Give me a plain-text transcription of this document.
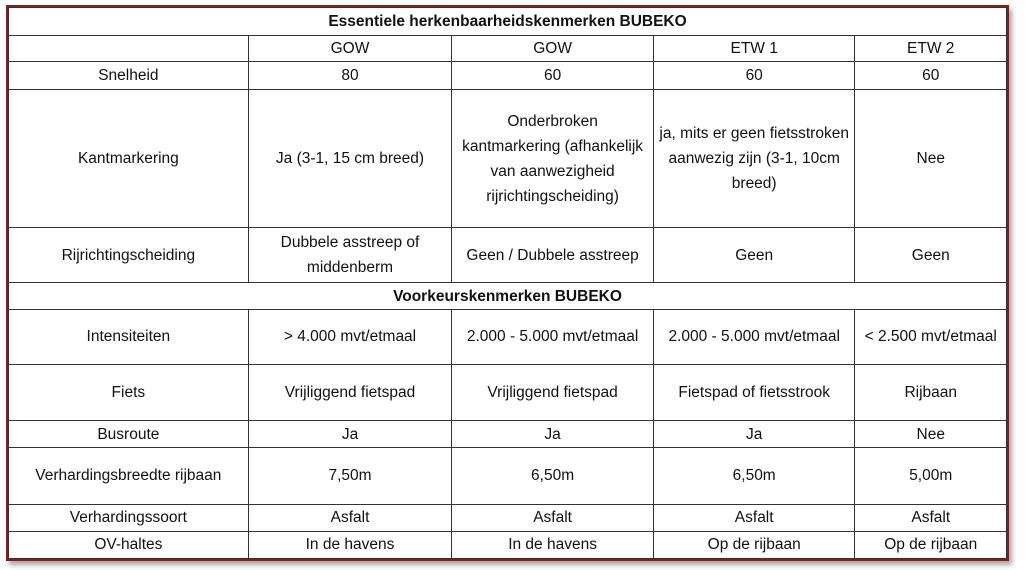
Essentiele herkenbaarheidskenmerken BUBEKO				
	GOW	GOW	ETW 1	ETW 2
Snelheid	80	60	60	60
Kantmarkering	Ja (3-1, 15 cm breed)	Onderbroken kantmarkering (afhankelijk van aanwezigheid rijrichtingscheiding)	ja, mits er geen fietsstroken aanwezig zijn (3-1, 10cm breed)	Nee
Rijrichtingscheiding	Dubbele asstreep of middenberm	Geen / Dubbele asstreep	Geen	Geen
Voorkeurskenmerken BUBEKO				
Intensiteiten	> 4.000 mvt/etmaal	2.000 - 5.000 mvt/etmaal	2.000 - 5.000 mvt/etmaal	< 2.500 mvt/etmaal
Fiets	Vrijliggend fietspad	Vrijliggend fietspad	Fietspad of fietsstrook	Rijbaan
Busroute	Ja	Ja	Ja	Nee
Verhardingsbreedte rijbaan	7,50m	6,50m	6,50m	5,00m
Verhardingssoort	Asfalt	Asfalt	Asfalt	Asfalt
OV-haltes	In de havens	In de havens	Op de rijbaan	Op de rijbaan
